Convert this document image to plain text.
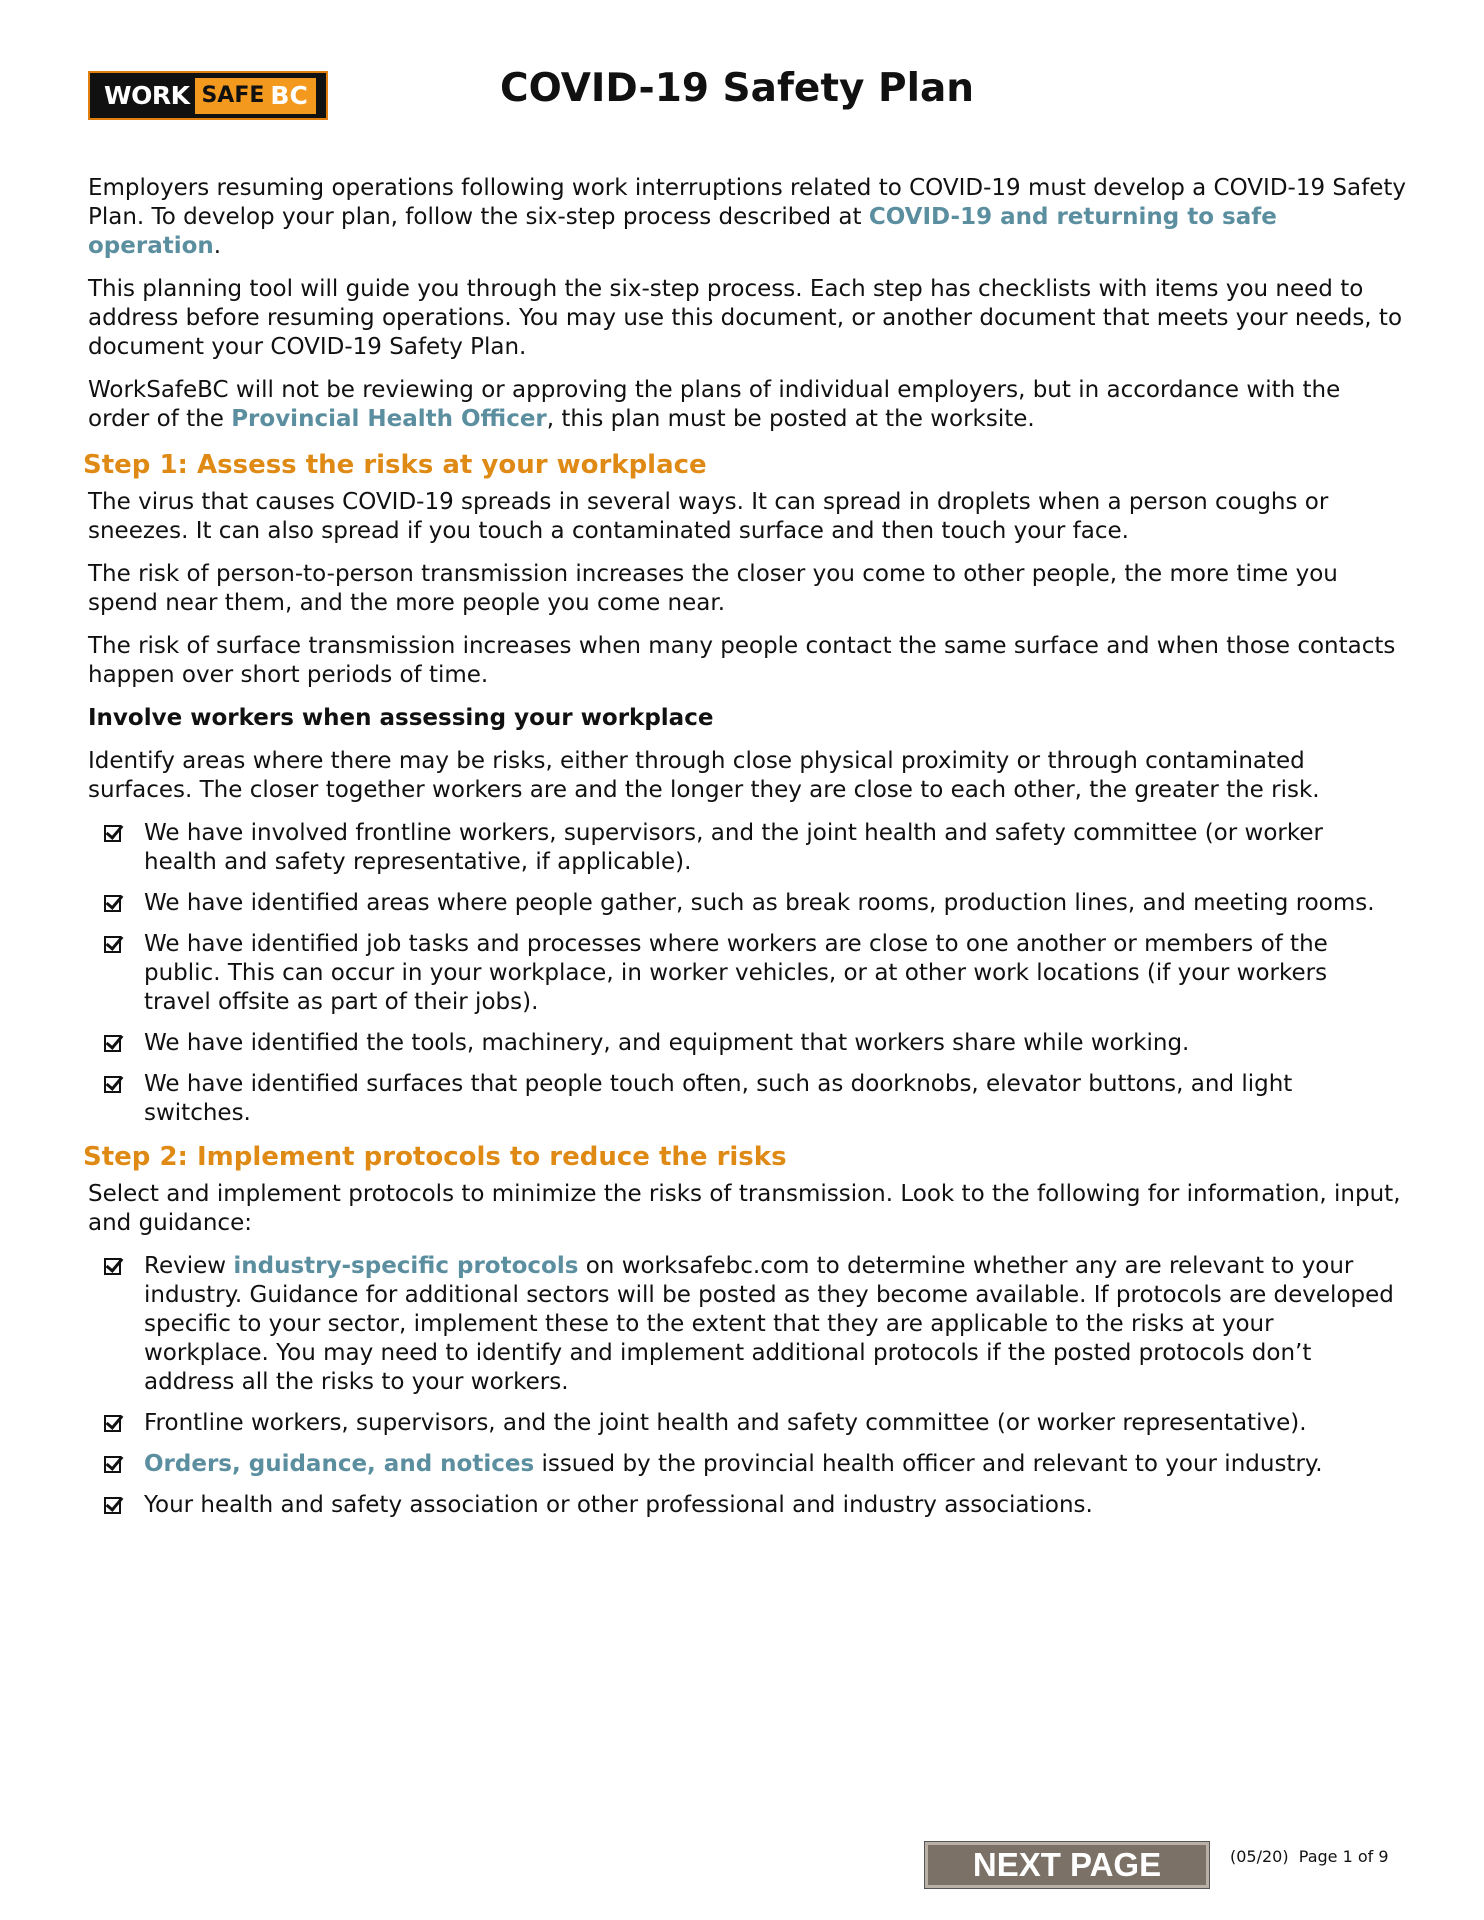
WORK SAFE BC	COVID-19 Safety Plan

Employers resuming operations following work interruptions related to COVID-19 must develop a COVID-19 Safety Plan. To develop your plan, follow the six-step process described at COVID-19 and returning to safe operation.

This planning tool will guide you through the six-step process. Each step has checklists with items you need to address before resuming operations. You may use this document, or another document that meets your needs, to document your COVID-19 Safety Plan.

WorkSafeBC will not be reviewing or approving the plans of individual employers, but in accordance with the order of the Provincial Health Officer, this plan must be posted at the worksite.

Step 1: Assess the risks at your workplace

The virus that causes COVID-19 spreads in several ways. It can spread in droplets when a person coughs or sneezes. It can also spread if you touch a contaminated surface and then touch your face.

The risk of person-to-person transmission increases the closer you come to other people, the more time you spend near them, and the more people you come near.

The risk of surface transmission increases when many people contact the same surface and when those contacts happen over short periods of time.

Involve workers when assessing your workplace

Identify areas where there may be risks, either through close physical proximity or through contaminated surfaces. The closer together workers are and the longer they are close to each other, the greater the risk.

We have involved frontline workers, supervisors, and the joint health and safety committee (or worker health and safety representative, if applicable).
We have identified areas where people gather, such as break rooms, production lines, and meeting rooms.
We have identified job tasks and processes where workers are close to one another or members of the public. This can occur in your workplace, in worker vehicles, or at other work locations (if your workers travel offsite as part of their jobs).
We have identified the tools, machinery, and equipment that workers share while working.
We have identified surfaces that people touch often, such as doorknobs, elevator buttons, and light switches.
Step 2: Implement protocols to reduce the risks

Select and implement protocols to minimize the risks of transmission. Look to the following for information, input, and guidance:

Review industry-specific protocols on worksafebc.com to determine whether any are relevant to your industry. Guidance for additional sectors will be posted as they become available. If protocols are developed specific to your sector, implement these to the extent that they are applicable to the risks at your workplace. You may need to identify and implement additional protocols if the posted protocols don’t address all the risks to your workers.
Frontline workers, supervisors, and the joint health and safety committee (or worker representative).
Orders, guidance, and notices issued by the provincial health officer and relevant to your industry.
Your health and safety association or other professional and industry associations.
NEXT PAGE	(05/20) Page 1 of 9
